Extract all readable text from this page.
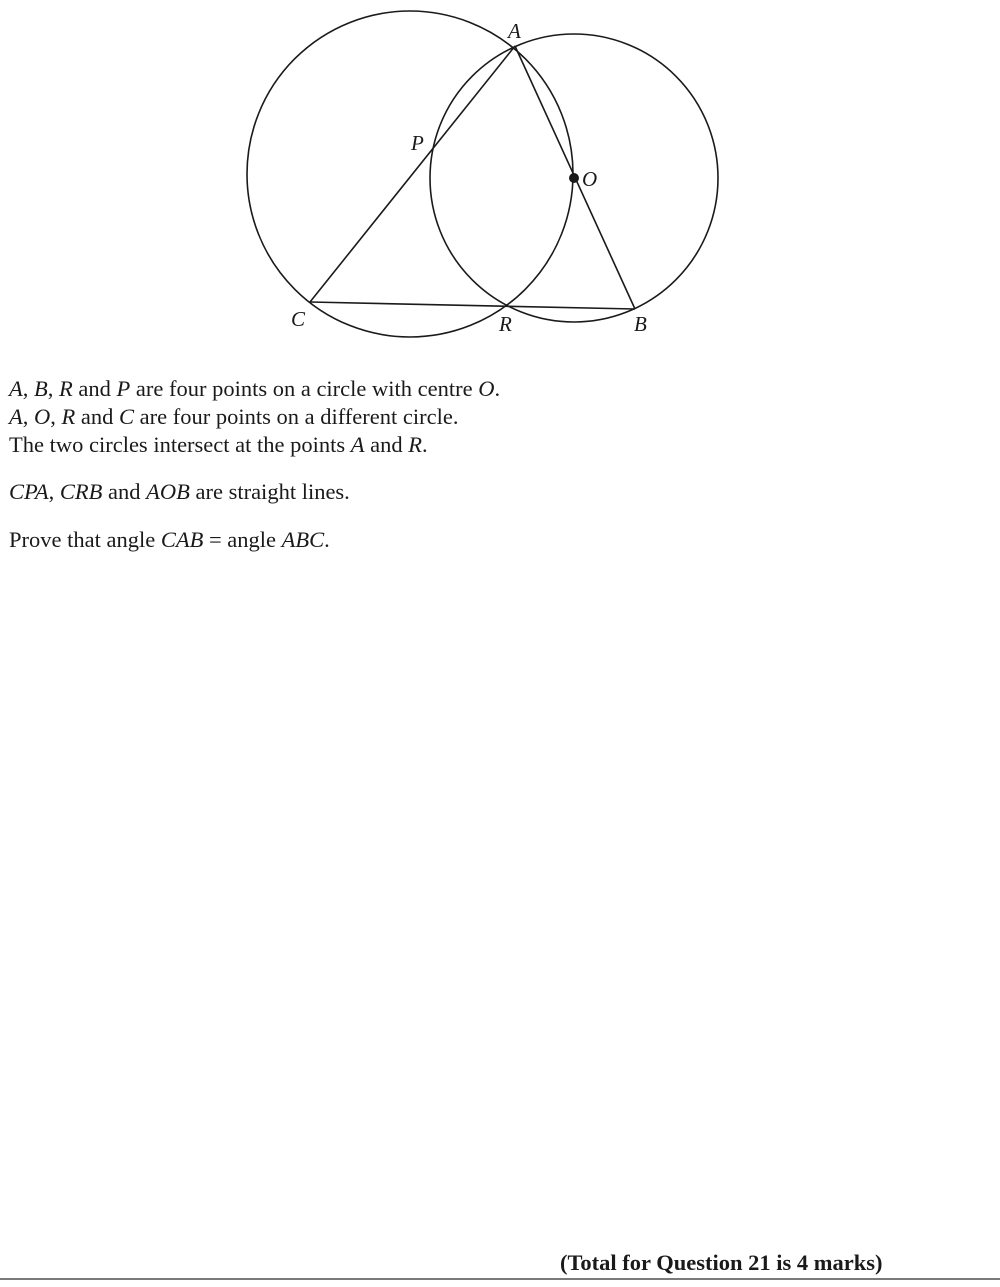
A
P
O
C	R	B

A, B, R and P are four points on a circle with centre O.

A, O, R and C are four points on a different circle.

The two circles intersect at the points A and R.

CPA, CRB and AOB are straight lines.

Prove that angle CAB = angle ABC.

(Total for Question 21 is 4 marks)
